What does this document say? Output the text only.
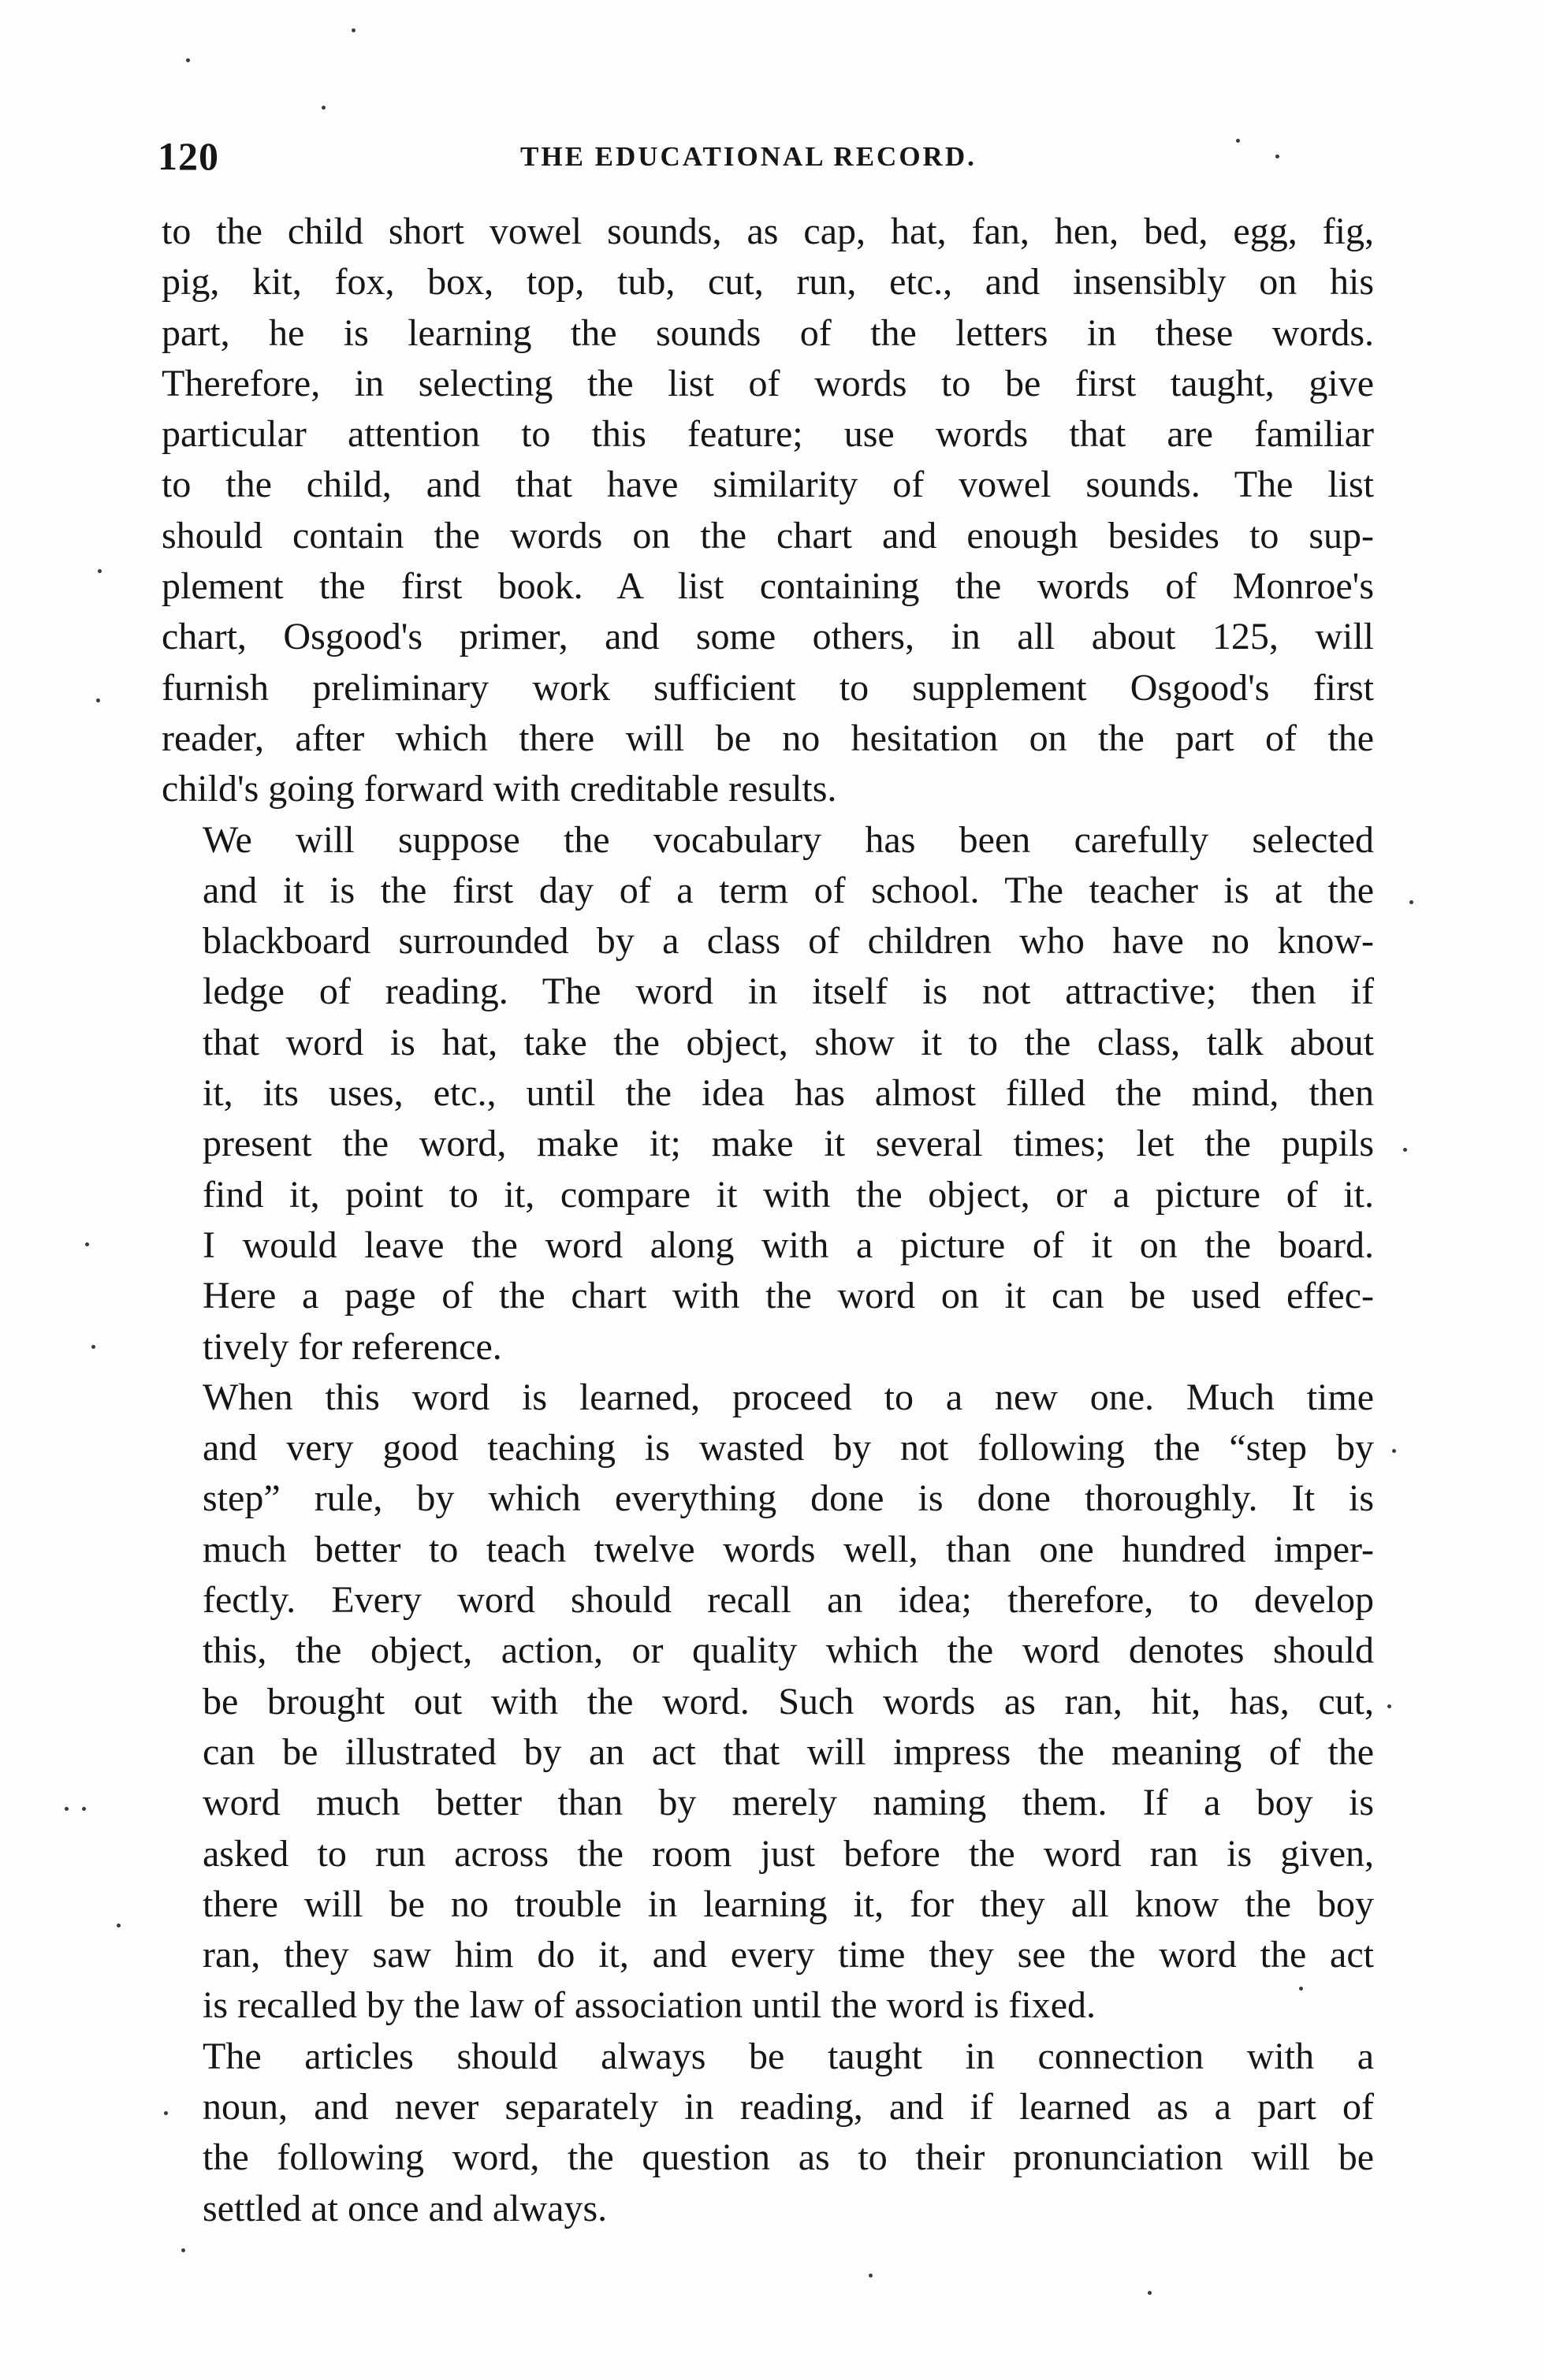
120	THE EDUCATIONAL RECORD.
to the child short vowel sounds, as cap, hat, fan, hen, bed, egg, fig,
pig, kit, fox, box, top, tub, cut, run, etc., and insensibly on his
part, he is learning the sounds of the letters in these words.
Therefore, in selecting the list of words to be first taught, give
particular attention to this feature; use words that are familiar
to the child, and that have similarity of vowel sounds. The list
should contain the words on the chart and enough besides to sup-
plement the first book. A list containing the words of Monroe's
chart, Osgood's primer, and some others, in all about 125, will
furnish preliminary work sufficient to supplement Osgood's first
reader, after which there will be no hesitation on the part of the
child's going forward with creditable results.
We will suppose the vocabulary has been carefully selected
and it is the first day of a term of school. The teacher is at the
blackboard surrounded by a class of children who have no know-
ledge of reading. The word in itself is not attractive; then if
that word is hat, take the object, show it to the class, talk about
it, its uses, etc., until the idea has almost filled the mind, then
present the word, make it; make it several times; let the pupils
find it, point to it, compare it with the object, or a picture of it.
I would leave the word along with a picture of it on the board.
Here a page of the chart with the word on it can be used effec-
tively for reference.
When this word is learned, proceed to a new one. Much time
and very good teaching is wasted by not following the “step by
step” rule, by which everything done is done thoroughly. It is
much better to teach twelve words well, than one hundred imper-
fectly. Every word should recall an idea; therefore, to develop
this, the object, action, or quality which the word denotes should
be brought out with the word. Such words as ran, hit, has, cut,
can be illustrated by an act that will impress the meaning of the
word much better than by merely naming them. If a boy is
asked to run across the room just before the word ran is given,
there will be no trouble in learning it, for they all know the boy
ran, they saw him do it, and every time they see the word the act
is recalled by the law of association until the word is fixed.
The articles should always be taught in connection with a
noun, and never separately in reading, and if learned as a part of
the following word, the question as to their pronunciation will be
settled at once and always.
